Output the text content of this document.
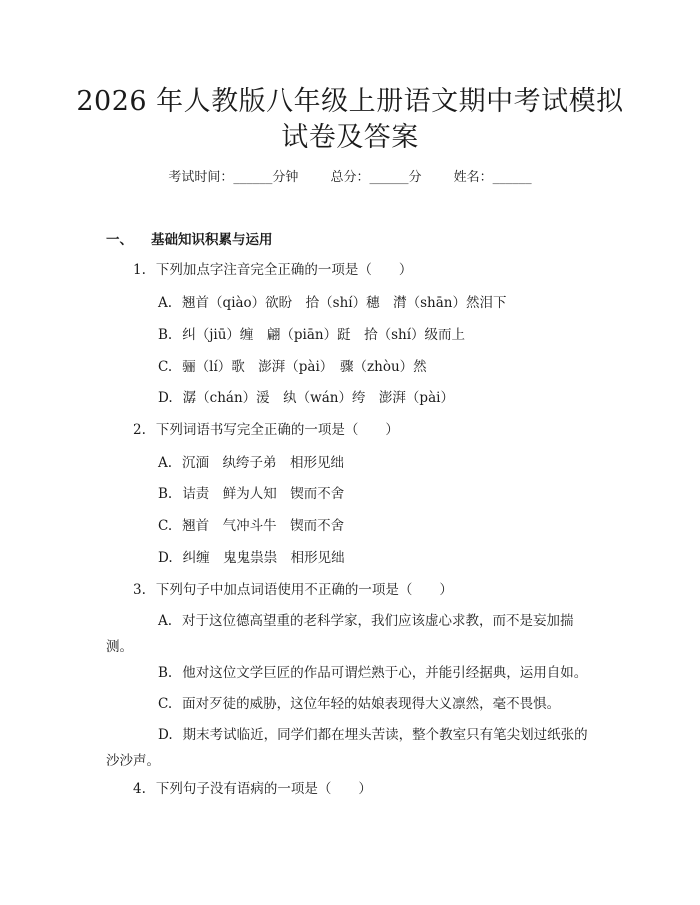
2026 年人教版八年级上册语文期中考试模拟
试卷及答案
考试时间：______分钟 总分：______分 姓名：______
一、 基础知识积累与运用
1. 下列加点字注音完全正确的一项是（　　）
A. 翘首（qiào）欲盼　拾（shí）穗　潸（shān）然泪下
B. 纠（jiū）缠　翩（piān）跹　拾（shí）级而上
C. 骊（lí）歌　澎湃（pài）　骤（zhòu）然
D. 潺（chán）湲　纨（wán）绔　澎湃（pài）
2. 下列词语书写完全正确的一项是（　　）
A. 沉湎　纨绔子弟　相形见绌
B. 诘责　鲜为人知　锲而不舍
C. 翘首　气冲斗牛　锲而不舍
D. 纠缠　鬼鬼祟祟　相形见绌
3. 下列句子中加点词语使用不正确的一项是（　　）
A. 对于这位德高望重的老科学家，我们应该虚心求教，而不是妄加揣测。
B. 他对这位文学巨匠的作品可谓烂熟于心，并能引经据典，运用自如。
C. 面对歹徒的威胁，这位年轻的姑娘表现得大义凛然，毫不畏惧。
D. 期末考试临近，同学们都在埋头苦读，整个教室只有笔尖划过纸张的沙沙声。
4. 下列句子没有语病的一项是（　　）
